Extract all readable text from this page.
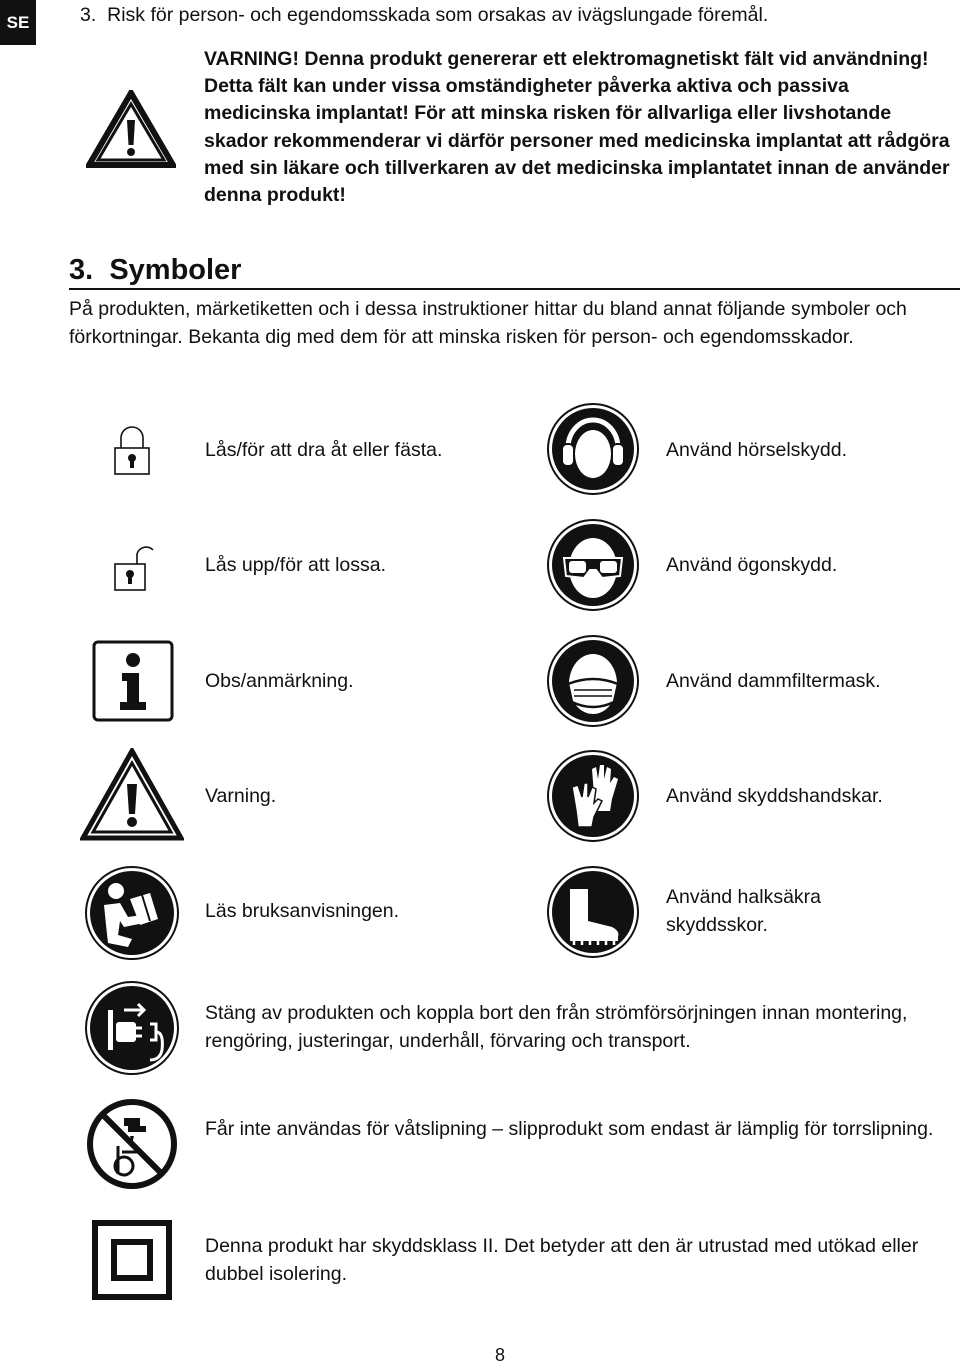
SE	3. Risk för person- och egendomsskada som orsakas av ivägslungade föremål.
VARNING! Denna produkt genererar ett elektromagnetiskt fält vid användning! Detta fält kan under vissa omständigheter påverka aktiva och passiva medicinska implantat! För att minska risken för allvarliga eller livshotande skador rekommenderar vi därför personer med medicinska implantat att rådgöra med sin läkare och tillverkaren av det medicinska implantatet innan de använder denna produkt!
3. Symboler
På produkten, märketiketten och i dessa instruktioner hittar du bland annat följande symboler och förkortningar. Bekanta dig med dem för att minska risken för person- och egendomsskador.
Lås/för att dra åt eller fästa.
Lås upp/för att lossa.
Obs/anmärkning.
Varning.
Läs bruksanvisningen.
Använd hörselskydd.
Använd ögonskydd.
Använd dammfiltermask.
Använd skyddshandskar.
Använd halksäkra skyddsskor.
Stäng av produkten och koppla bort den från strömförsörjningen innan montering, rengöring, justeringar, underhåll, förvaring och transport.
Får inte användas för våtslipning – slipprodukt som endast är lämplig för torrslipning.
Denna produkt har skyddsklass II. Det betyder att den är utrustad med utökad eller dubbel isolering.
8
